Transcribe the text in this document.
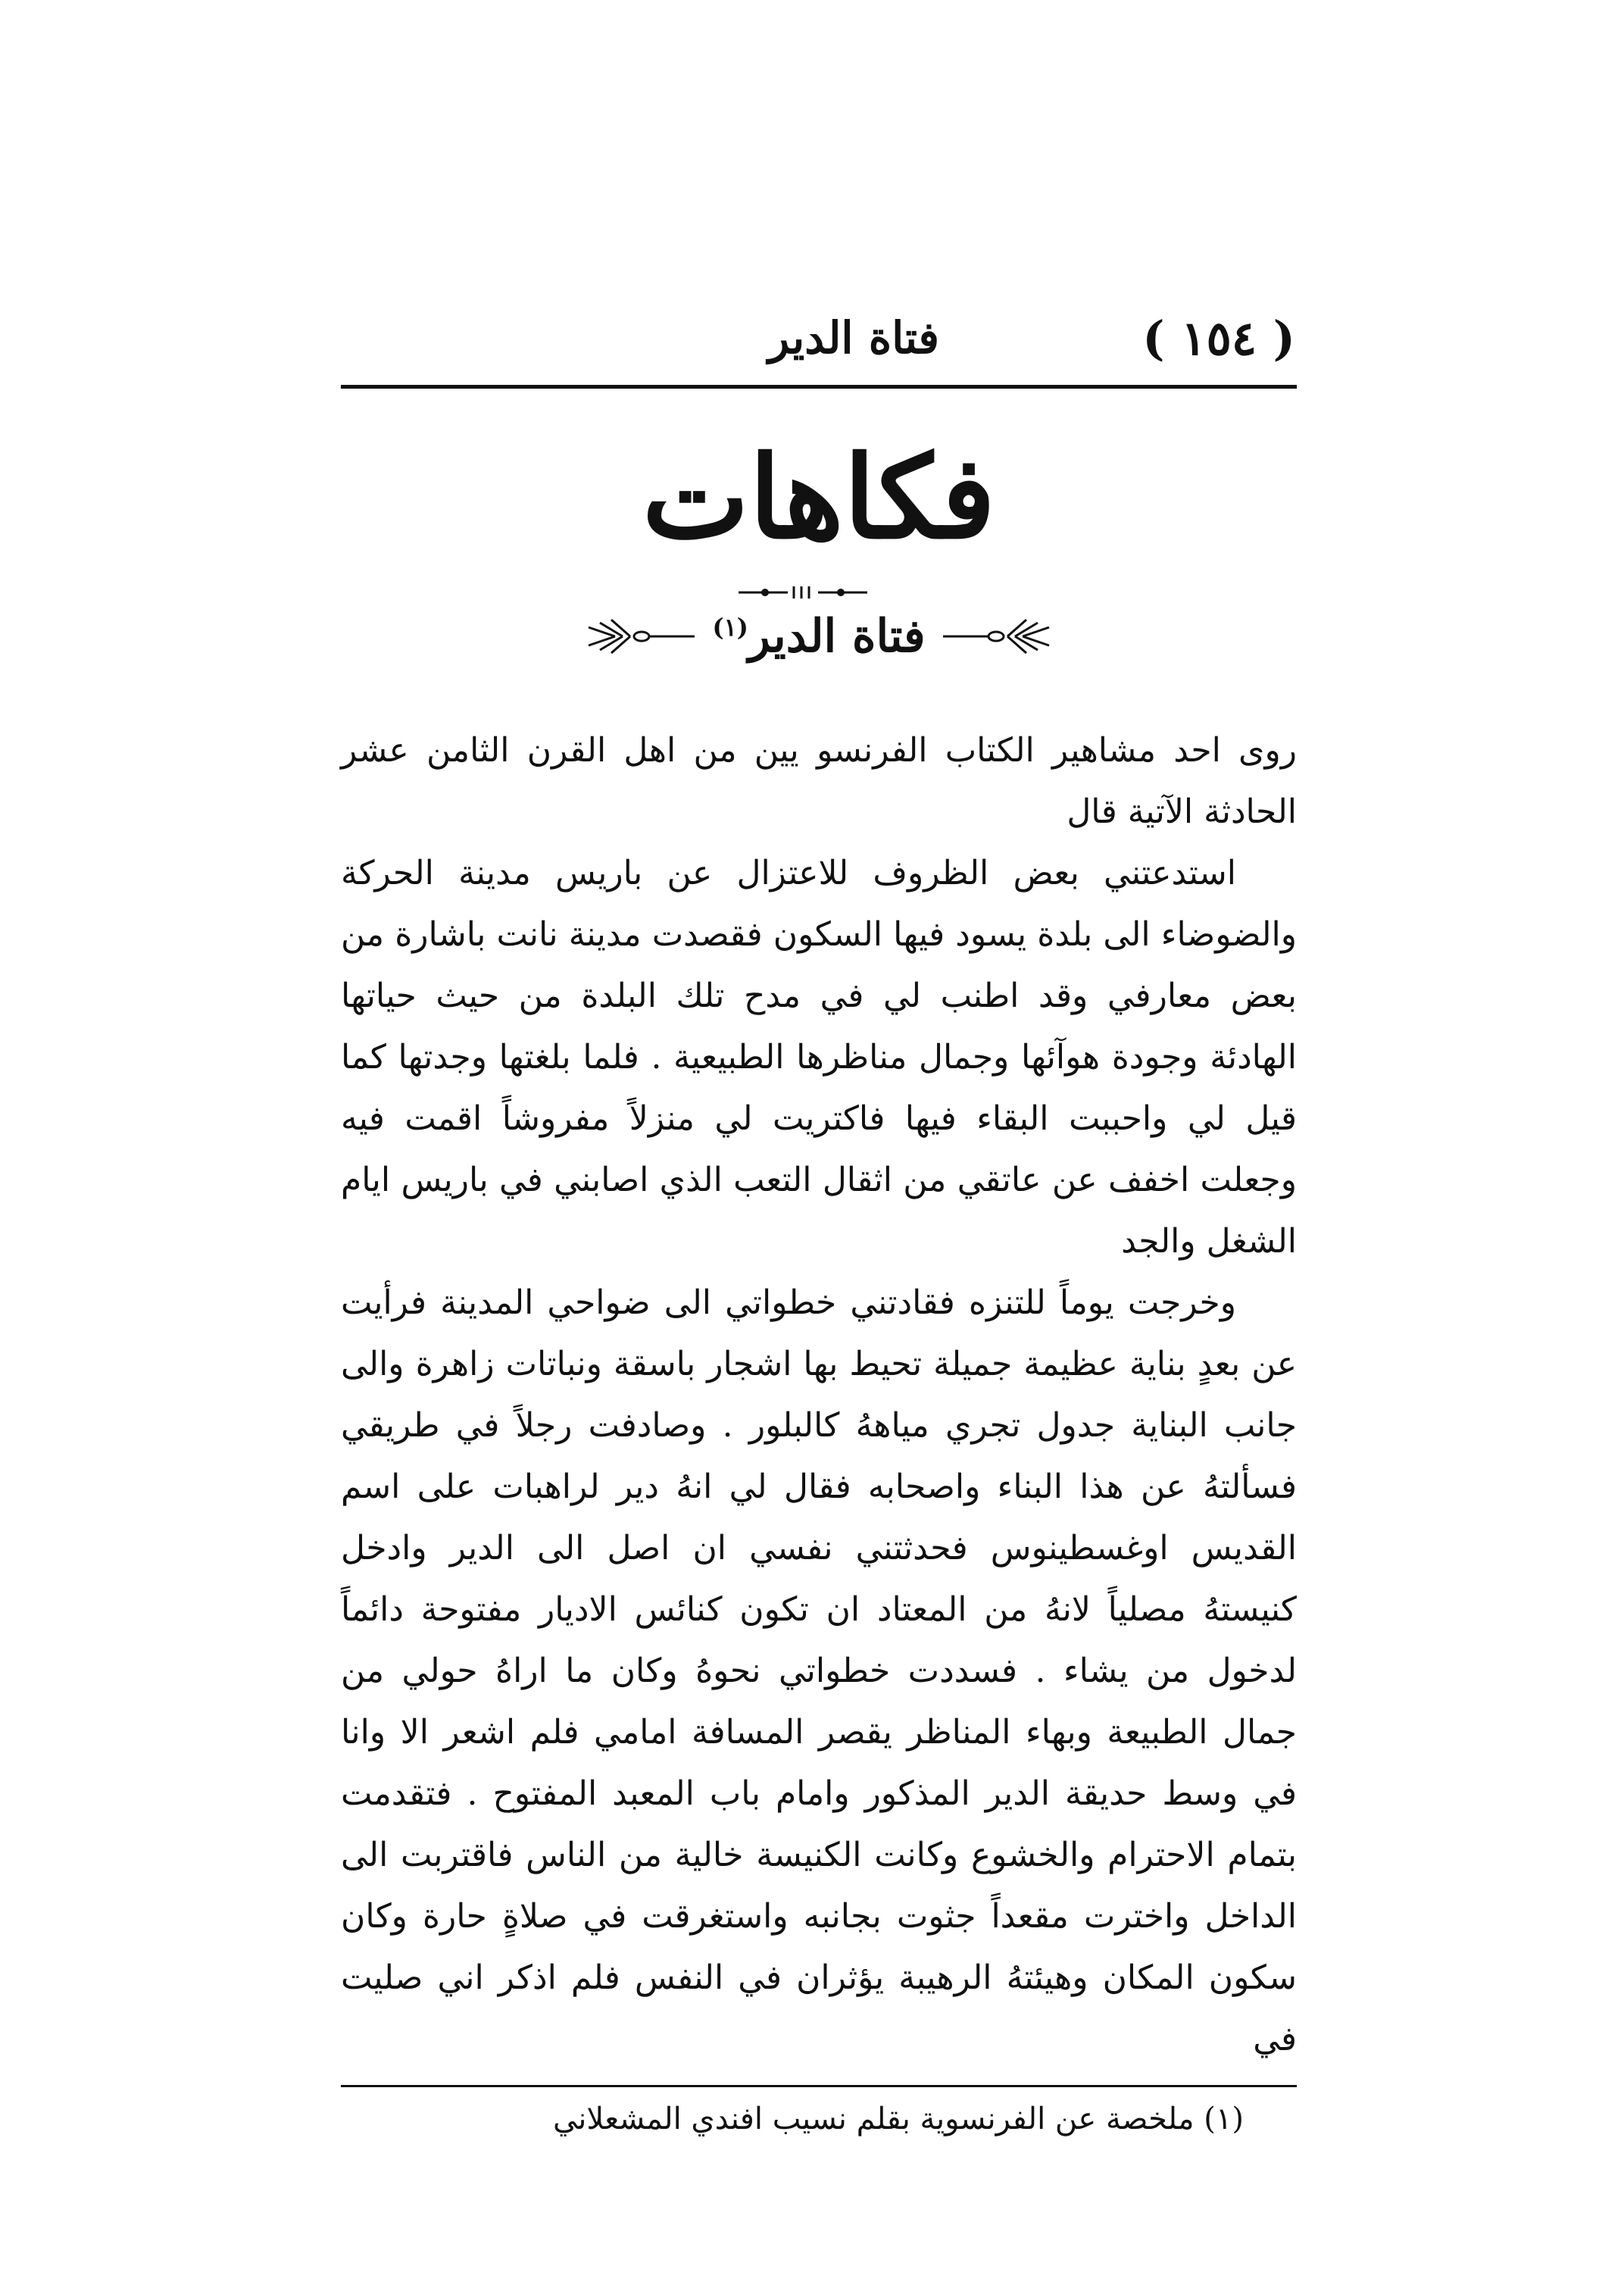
( ١٥٤ )
فتاة الدير
فكاهات
فتاة الدير$^{(١)}$

روى احد مشاهير الكتاب الفرنسو يين من اهل القرن الثامن عشر الحادثة الآتية قال

استدعتني بعض الظروف للاعتزال عن باريس مدينة الحركة والضوضاء الى بلدة يسود فيها السكون فقصدت مدينة نانت باشارة من بعض معارفي وقد اطنب لي في مدح تلك البلدة من حيث حياتها الهادئة وجودة هوآئها وجمال مناظرها الطبيعية . فلما بلغتها وجدتها كما قيل لي واحببت البقاء فيها فاكتريت لي منزلاً مفروشاً اقمت فيه وجعلت اخفف عن عاتقي من اثقال التعب الذي اصابني في باريس ايام الشغل والجد

وخرجت يوماً للتنزه فقادتني خطواتي الى ضواحي المدينة فرأيت عن بعدٍ بناية عظيمة جميلة تحيط بها اشجار باسقة ونباتات زاهرة والى جانب البناية جدول تجري مياههُ كالبلور . وصادفت رجلاً في طريقي فسألتهُ عن هذا البناء واصحابه فقال لي انهُ دير لراهبات على اسم القديس اوغسطينوس فحدثتني نفسي ان اصل الى الدير وادخل كنيستهُ مصلياً لانهُ من المعتاد ان تكون كنائس الاديار مفتوحة دائماً لدخول من يشاء . فسددت خطواتي نحوهُ وكان ما اراهُ حولي من جمال الطبيعة وبهاء المناظر يقصر المسافة امامي فلم اشعر الا وانا في وسط حديقة الدير المذكور وامام باب المعبد المفتوح . فتقدمت بتمام الاحترام والخشوع وكانت الكنيسة خالية من الناس فاقتربت الى الداخل واخترت مقعداً جثوت بجانبه واستغرقت في صلاةٍ حارة وكان سكون المكان وهيئتهُ الرهيبة يؤثران في النفس فلم اذكر اني صليت في

(١) ملخصة عن الفرنسوية بقلم نسيب افندي المشعلاني
